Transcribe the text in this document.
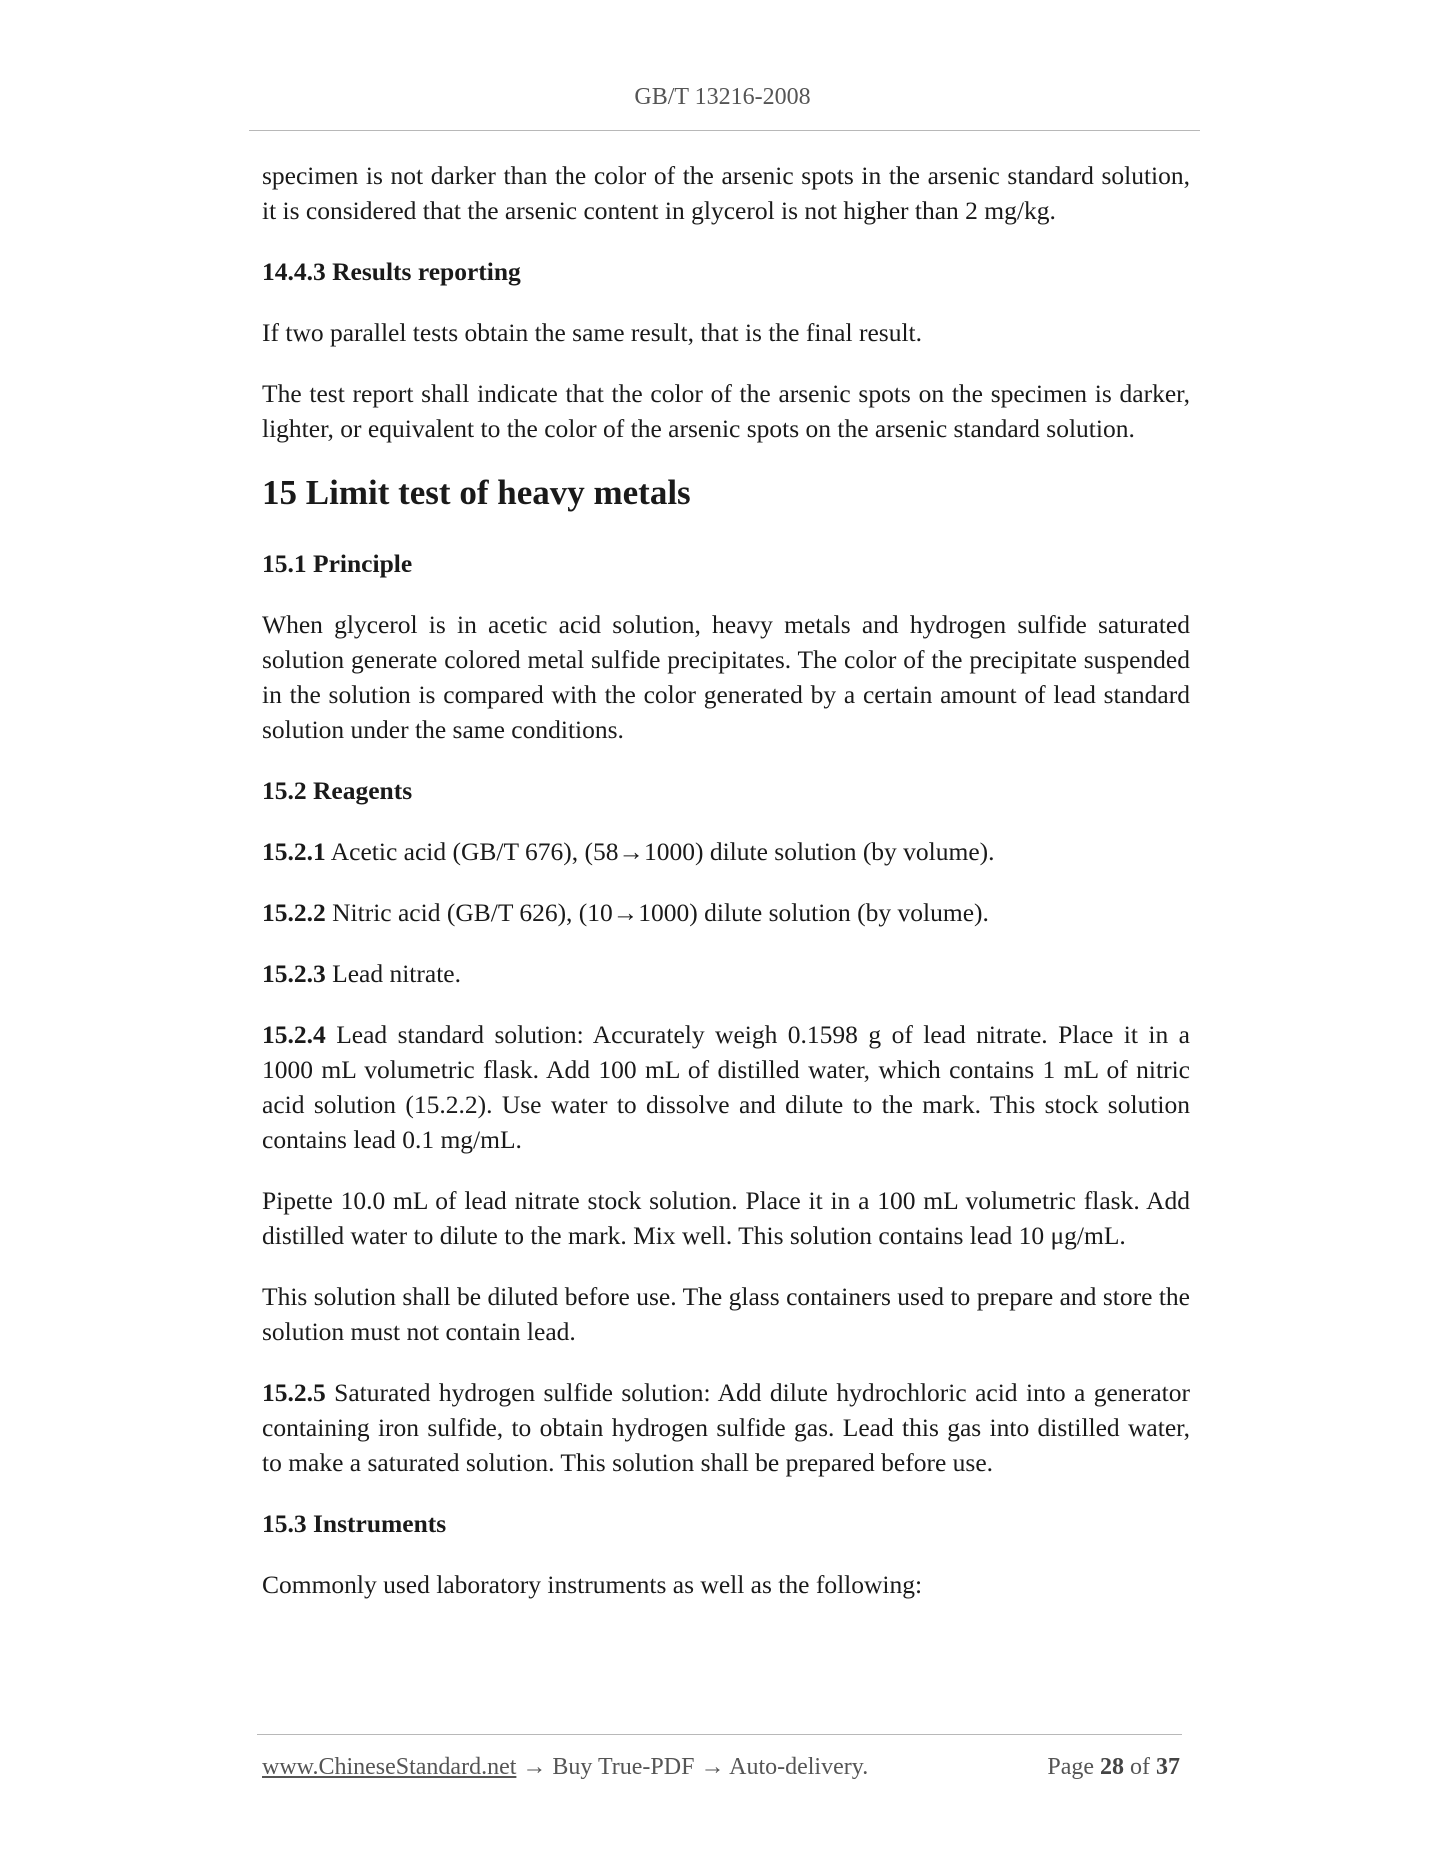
GB/T 13216-2008

specimen is not darker than the color of the arsenic spots in the arsenic standard solution, it is considered that the arsenic content in glycerol is not higher than 2 mg/kg.

14.4.3 Results reporting

If two parallel tests obtain the same result, that is the final result.

The test report shall indicate that the color of the arsenic spots on the specimen is darker, lighter, or equivalent to the color of the arsenic spots on the arsenic standard solution.

15 Limit test of heavy metals
15.1 Principle

When glycerol is in acetic acid solution, heavy metals and hydrogen sulfide saturated solution generate colored metal sulfide precipitates. The color of the precipitate suspended in the solution is compared with the color generated by a certain amount of lead standard solution under the same conditions.

15.2 Reagents

15.2.1 Acetic acid (GB/T 676), (58→1000) dilute solution (by volume).

15.2.2 Nitric acid (GB/T 626), (10→1000) dilute solution (by volume).

15.2.3 Lead nitrate.

15.2.4 Lead standard solution: Accurately weigh 0.1598 g of lead nitrate. Place it in a 1000 mL volumetric flask. Add 100 mL of distilled water, which contains 1 mL of nitric acid solution (15.2.2). Use water to dissolve and dilute to the mark. This stock solution contains lead 0.1 mg/mL.

Pipette 10.0 mL of lead nitrate stock solution. Place it in a 100 mL volumetric flask. Add distilled water to dilute to the mark. Mix well. This solution contains lead 10 μg/mL.

This solution shall be diluted before use. The glass containers used to prepare and store the solution must not contain lead.

15.2.5 Saturated hydrogen sulfide solution: Add dilute hydrochloric acid into a generator containing iron sulfide, to obtain hydrogen sulfide gas. Lead this gas into distilled water, to make a saturated solution. This solution shall be prepared before use.

15.3 Instruments

Commonly used laboratory instruments as well as the following:

www.ChineseStandard.net → Buy True-PDF → Auto-delivery.	Page 28 of 37
